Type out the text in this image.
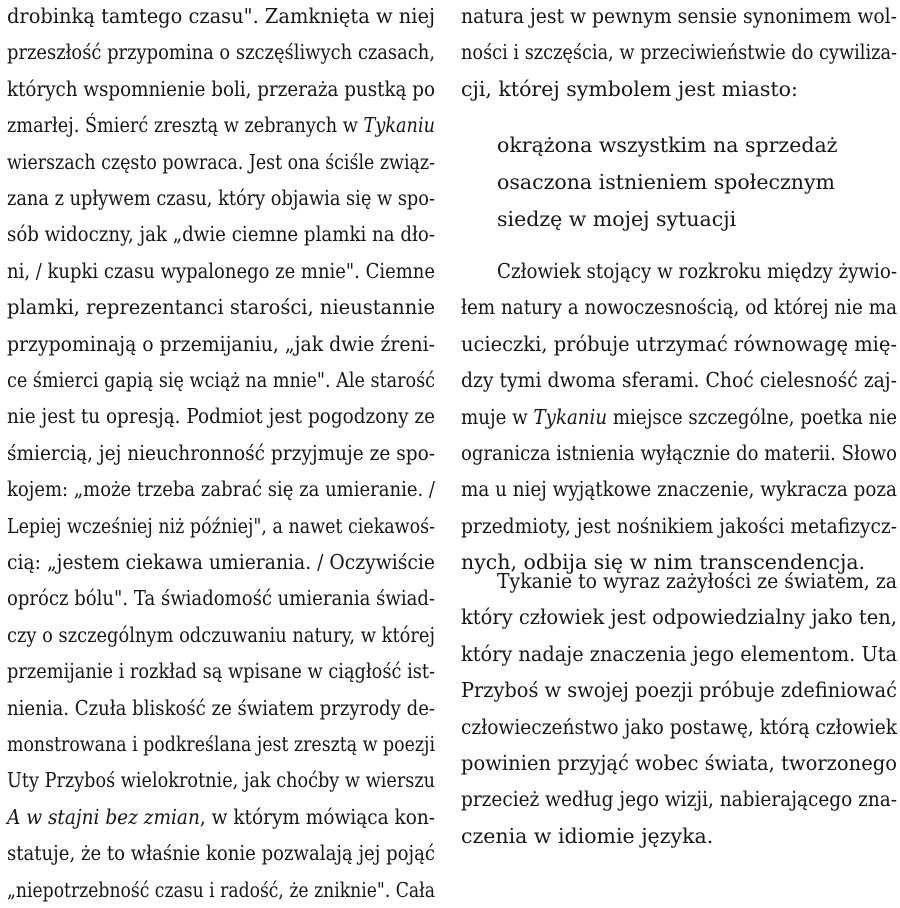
drobinką tamtego czasu". Zamknięta w niej
przeszłość przypomina o szczęśliwych czasach,
których wspomnienie boli, przeraża pustką po
zmarłej. Śmierć zresztą w zebranych w Tykaniu
wierszach często powraca. Jest ona ściśle związ-
zana z upływem czasu, który objawia się w spo-
sób widoczny, jak „dwie ciemne plamki na dło-
ni, / kupki czasu wypalonego ze mnie". Ciemne
plamki, reprezentanci starości, nieustannie
przypominają o przemijaniu, „jak dwie źreni-
ce śmierci gapią się wciąż na mnie". Ale starość
nie jest tu opresją. Podmiot jest pogodzony ze
śmiercią, jej nieuchronność przyjmuje ze spo-
kojem: „może trzeba zabrać się za umieranie. /
Lepiej wcześniej niż później", a nawet ciekawoś-
cią: „jestem ciekawa umierania. / Oczywiście
oprócz bólu". Ta świadomość umierania świad-
czy o szczególnym odczuwaniu natury, w której
przemijanie i rozkład są wpisane w ciągłość ist-
nienia. Czuła bliskość ze światem przyrody de-
monstrowana i podkreślana jest zresztą w poezji
Uty Przyboś wielokrotnie, jak choćby w wierszu
A w stajni bez zmian, w którym mówiąca kon-
statuje, że to właśnie konie pozwalają jej pojąć
„niepotrzebność czasu i radość, że zniknie". Cała
natura jest w pewnym sensie synonimem wol-
ności i szczęścia, w przeciwieństwie do cywiliza-
cji, której symbolem jest miasto:
okrążona wszystkim na sprzedaż
osaczona istnieniem społecznym
siedzę w mojej sytuacji
Człowiek stojący w rozkroku między żywio-
łem natury a nowoczesnością, od której nie ma
ucieczki, próbuje utrzymać równowagę mię-
dzy tymi dwoma sferami. Choć cielesność zaj-
muje w Tykaniu miejsce szczególne, poetka nie
ogranicza istnienia wyłącznie do materii. Słowo
ma u niej wyjątkowe znaczenie, wykracza poza
przedmioty, jest nośnikiem jakości metafizycz-
nych, odbija się w nim transcendencja.
Tykanie to wyraz zażyłości ze światem, za
który człowiek jest odpowiedzialny jako ten,
który nadaje znaczenia jego elementom. Uta
Przyboś w swojej poezji próbuje zdefiniować
człowieczeństwo jako postawę, którą człowiek
powinien przyjąć wobec świata, tworzonego
przecież według jego wizji, nabierającego zna-
czenia w idiomie języka.
